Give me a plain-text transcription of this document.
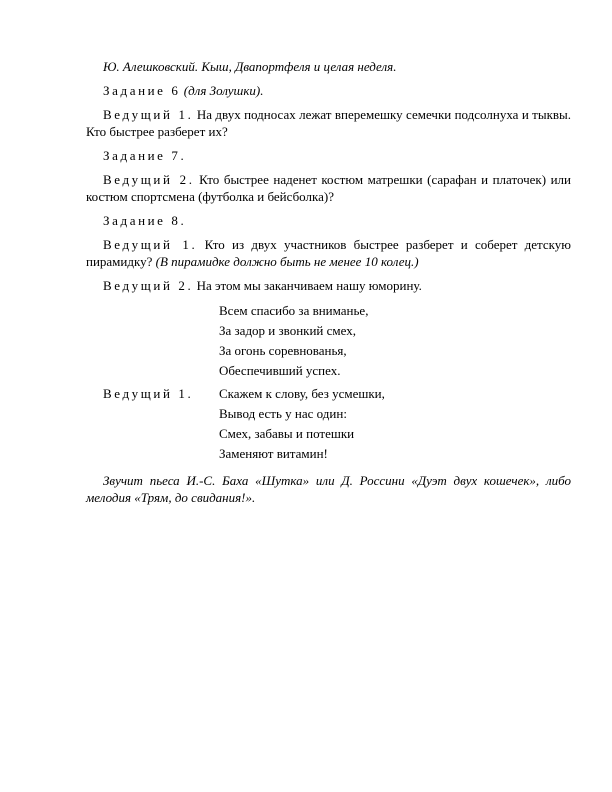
Ю. Алешковский. Кыш, Двапортфеля и целая неделя.

Задание 6 (для Золушки).

Ведущий 1. На двух подносах лежат вперемешку семечки подсолнуха и тыквы. Кто быстрее разберет их?

Задание 7.

Ведущий 2. Кто быстрее наденет костюм матрешки (сарафан и платочек) или костюм спортсмена (футболка и бейсболка)?

Задание 8.

Ведущий 1. Кто из двух участников быстрее разберет и соберет детскую пирамидку? (В пирамидке должно быть не менее 10 колец.)

Ведущий 2. На этом мы заканчиваем нашу юморину.

Всем спасибо за вниманье,
За задор и звонкий смех,
За огонь соревнованья,
Обеспечивший успех.
Ведущий 1.	Скажем к слову, без усмешки,
Вывод есть у нас один:
Смех, забавы и потешки
Заменяют витамин!

Звучит пьеса И.-С. Баха «Шутка» или Д. Россини «Дуэт двух кошечек», либо мелодия «Трям, до свидания!».
